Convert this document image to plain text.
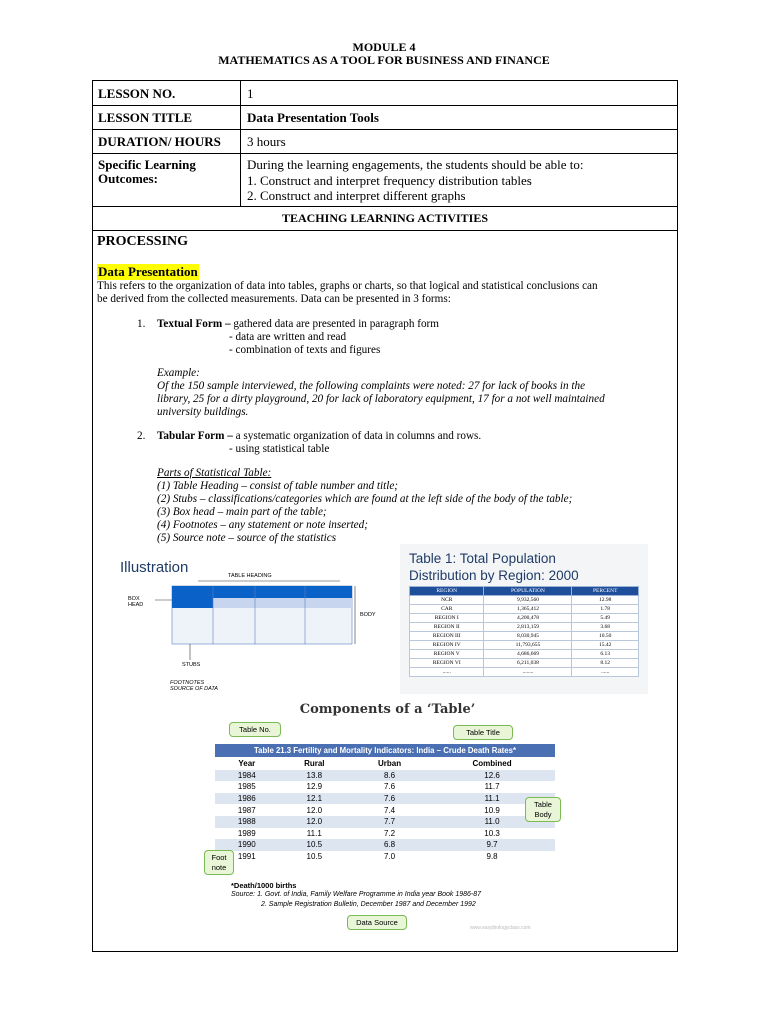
MODULE 4
MATHEMATICS AS A TOOL FOR BUSINESS AND FINANCE
LESSON NO.	1
LESSON TITLE	Data Presentation Tools
DURATION/ HOURS 3 hours
Specific Learning
Outcomes:
During the learning engagements, the students should be able to:
1. Construct and interpret frequency distribution tables
2. Construct and interpret different graphs
TEACHING LEARNING ACTIVITIES
PROCESSING
Data Presentation
This refers to the organization of data into tables, graphs or charts, so that logical and statistical conclusions can
be derived from the collected measurements. Data can be presented in 3 forms:
1. Textual Form – gathered data are presented in paragraph form
- data are written and read
- combination of texts and figures
Example:
Of the 150 sample interviewed, the following complaints were noted: 27 for lack of books in the
library, 25 for a dirty playground, 20 for lack of laboratory equipment, 17 for a not well maintained
university buildings.
2. Tabular Form – a systematic organization of data in columns and rows.
- using statistical table
Parts of Statistical Table:
(1) Table Heading – consist of table number and title;
(2) Stubs – classifications/categories which are found at the left side of the body of the table;
(3) Box head – main part of the table;
(4) Footnotes – any statement or note inserted;
(5) Source note – source of the statistics
Illustration	TABLE HEADING
BOX
HEAD
BODY
STUBS
FOOTNOTES
SOURCE OF DATA
Table 1: Total Population
Distribution by Region: 2000
REGION	POPULATION	PERCENT
NCR	9,932,560	12.98
CAR	1,365,412	1.78
REGION I	4,200,478	5.49
REGION II	2,813,159	3.68
REGION III	8,030,945	10.50
REGION IV	11,793,655	15.42
REGION V	4,686,669	6.13
REGION VI	6,211,038	8.12
......	........	......
Components of a ‘Table’
Table No.	Table Title
Table 21.3 Fertility and Mortality Indicators: India – Crude Death Rates*
Year	Rural	Urban	Combined
1984	13.8	8.6	12.6
1985	12.9	7.6	11.7
1986	12.1	7.6	11.1
1987	12.0	7.4	10.9
1988	12.0	7.7	11.0
1989	11.1	7.2	10.3
1990	10.5	6.8	9.7
1991	10.5	7.0	9.8
Table
Body
Foot
note
*Death/1000 births
Source: 1. Govt. of India, Family Welfare Programme in India year Book 1986-87
2. Sample Registration Bulletin, December 1987 and December 1992
Data Source
www.easybiologyclass.com
